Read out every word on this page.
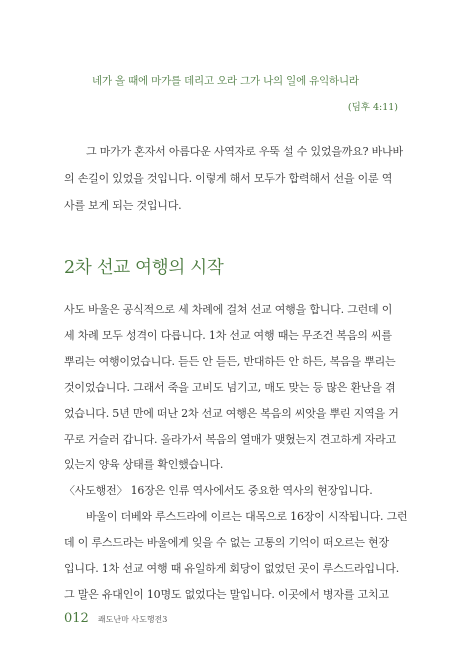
네가 올 때에 마가를 데리고 오라 그가 나의 일에 유익하니라
(딤후 4:11)
그 마가가 혼자서 아름다운 사역자로 우뚝 설 수 있었을까요? 바나바
의 손길이 있었을 것입니다. 이렇게 해서 모두가 합력해서 선을 이룬 역
사를 보게 되는 것입니다.
2차 선교 여행의 시작
사도 바울은 공식적으로 세 차례에 걸쳐 선교 여행을 합니다. 그런데 이
세 차례 모두 성격이 다릅니다. 1차 선교 여행 때는 무조건 복음의 씨를
뿌리는 여행이었습니다. 듣든 안 듣든, 반대하든 안 하든, 복음을 뿌리는
것이었습니다. 그래서 죽을 고비도 넘기고, 매도 맞는 등 많은 환난을 겪
었습니다. 5년 만에 떠난 2차 선교 여행은 복음의 씨앗을 뿌린 지역을 거
꾸로 거슬러 갑니다. 올라가서 복음의 열매가 맺혔는지 견고하게 자라고
있는지 양육 상태를 확인했습니다.
〈사도행전〉 16장은 인류 역사에서도 중요한 역사의 현장입니다.
바울이 더베와 루스드라에 이르는 대목으로 16장이 시작됩니다. 그런
데 이 루스드라는 바울에게 잊을 수 없는 고통의 기억이 떠오르는 현장
입니다. 1차 선교 여행 때 유일하게 회당이 없었던 곳이 루스드라입니다.
그 말은 유대인이 10명도 없었다는 말입니다. 이곳에서 병자를 고치고
012 쾌도난마 사도행전3
